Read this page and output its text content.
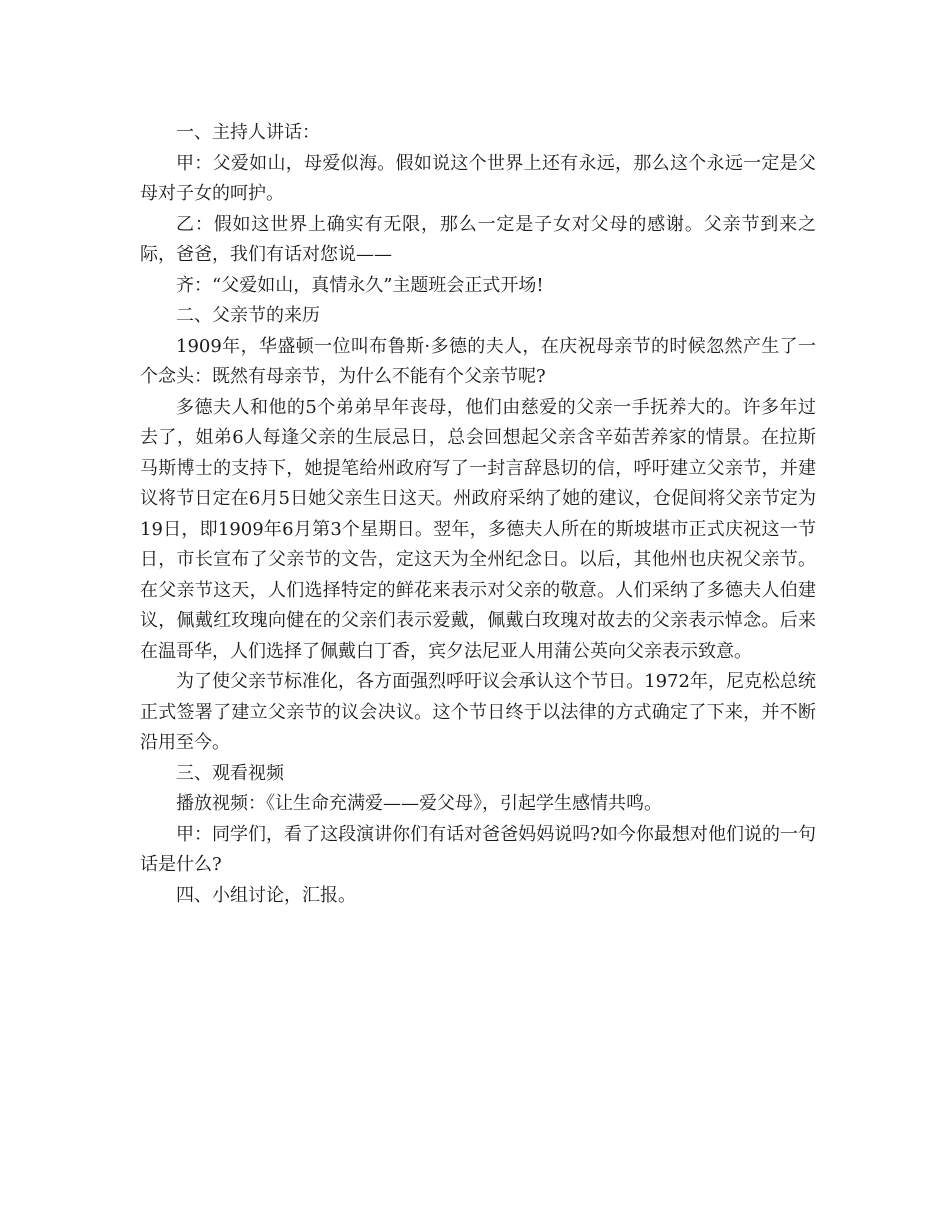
一、主持人讲话：

甲：父爱如山，母爱似海。假如说这个世界上还有永远，那么这个永远一定是父母对子女的呵护。

乙：假如这世界上确实有无限，那么一定是子女对父母的感谢。父亲节到来之际，爸爸，我们有话对您说——

齐：“父爱如山，真情永久”主题班会正式开场!

二、父亲节的来历

1909年，华盛顿一位叫布鲁斯·多德的夫人，在庆祝母亲节的时候忽然产生了一个念头：既然有母亲节，为什么不能有个父亲节呢?

多德夫人和他的5个弟弟早年丧母，他们由慈爱的父亲一手抚养大的。许多年过去了，姐弟6人每逢父亲的生辰忌日，总会回想起父亲含辛茹苦养家的情景。在拉斯马斯博士的支持下，她提笔给州政府写了一封言辞恳切的信，呼吁建立父亲节，并建议将节日定在6月5日她父亲生日这天。州政府采纳了她的建议，仓促间将父亲节定为19日，即1909年6月第3个星期日。翌年，多德夫人所在的斯坡堪市正式庆祝这一节日，市长宣布了父亲节的文告，定这天为全州纪念日。以后，其他州也庆祝父亲节。在父亲节这天，人们选择特定的鲜花来表示对父亲的敬意。人们采纳了多德夫人伯建议，佩戴红玫瑰向健在的父亲们表示爱戴，佩戴白玫瑰对故去的父亲表示悼念。后来在温哥华，人们选择了佩戴白丁香，宾夕法尼亚人用蒲公英向父亲表示致意。

为了使父亲节标准化，各方面强烈呼吁议会承认这个节日。1972年，尼克松总统正式签署了建立父亲节的议会决议。这个节日终于以法律的方式确定了下来，并不断沿用至今。

三、观看视频

播放视频：《让生命充满爱——爱父母》，引起学生感情共鸣。

甲：同学们，看了这段演讲你们有话对爸爸妈妈说吗?如今你最想对他们说的一句话是什么?

四、小组讨论，汇报。
